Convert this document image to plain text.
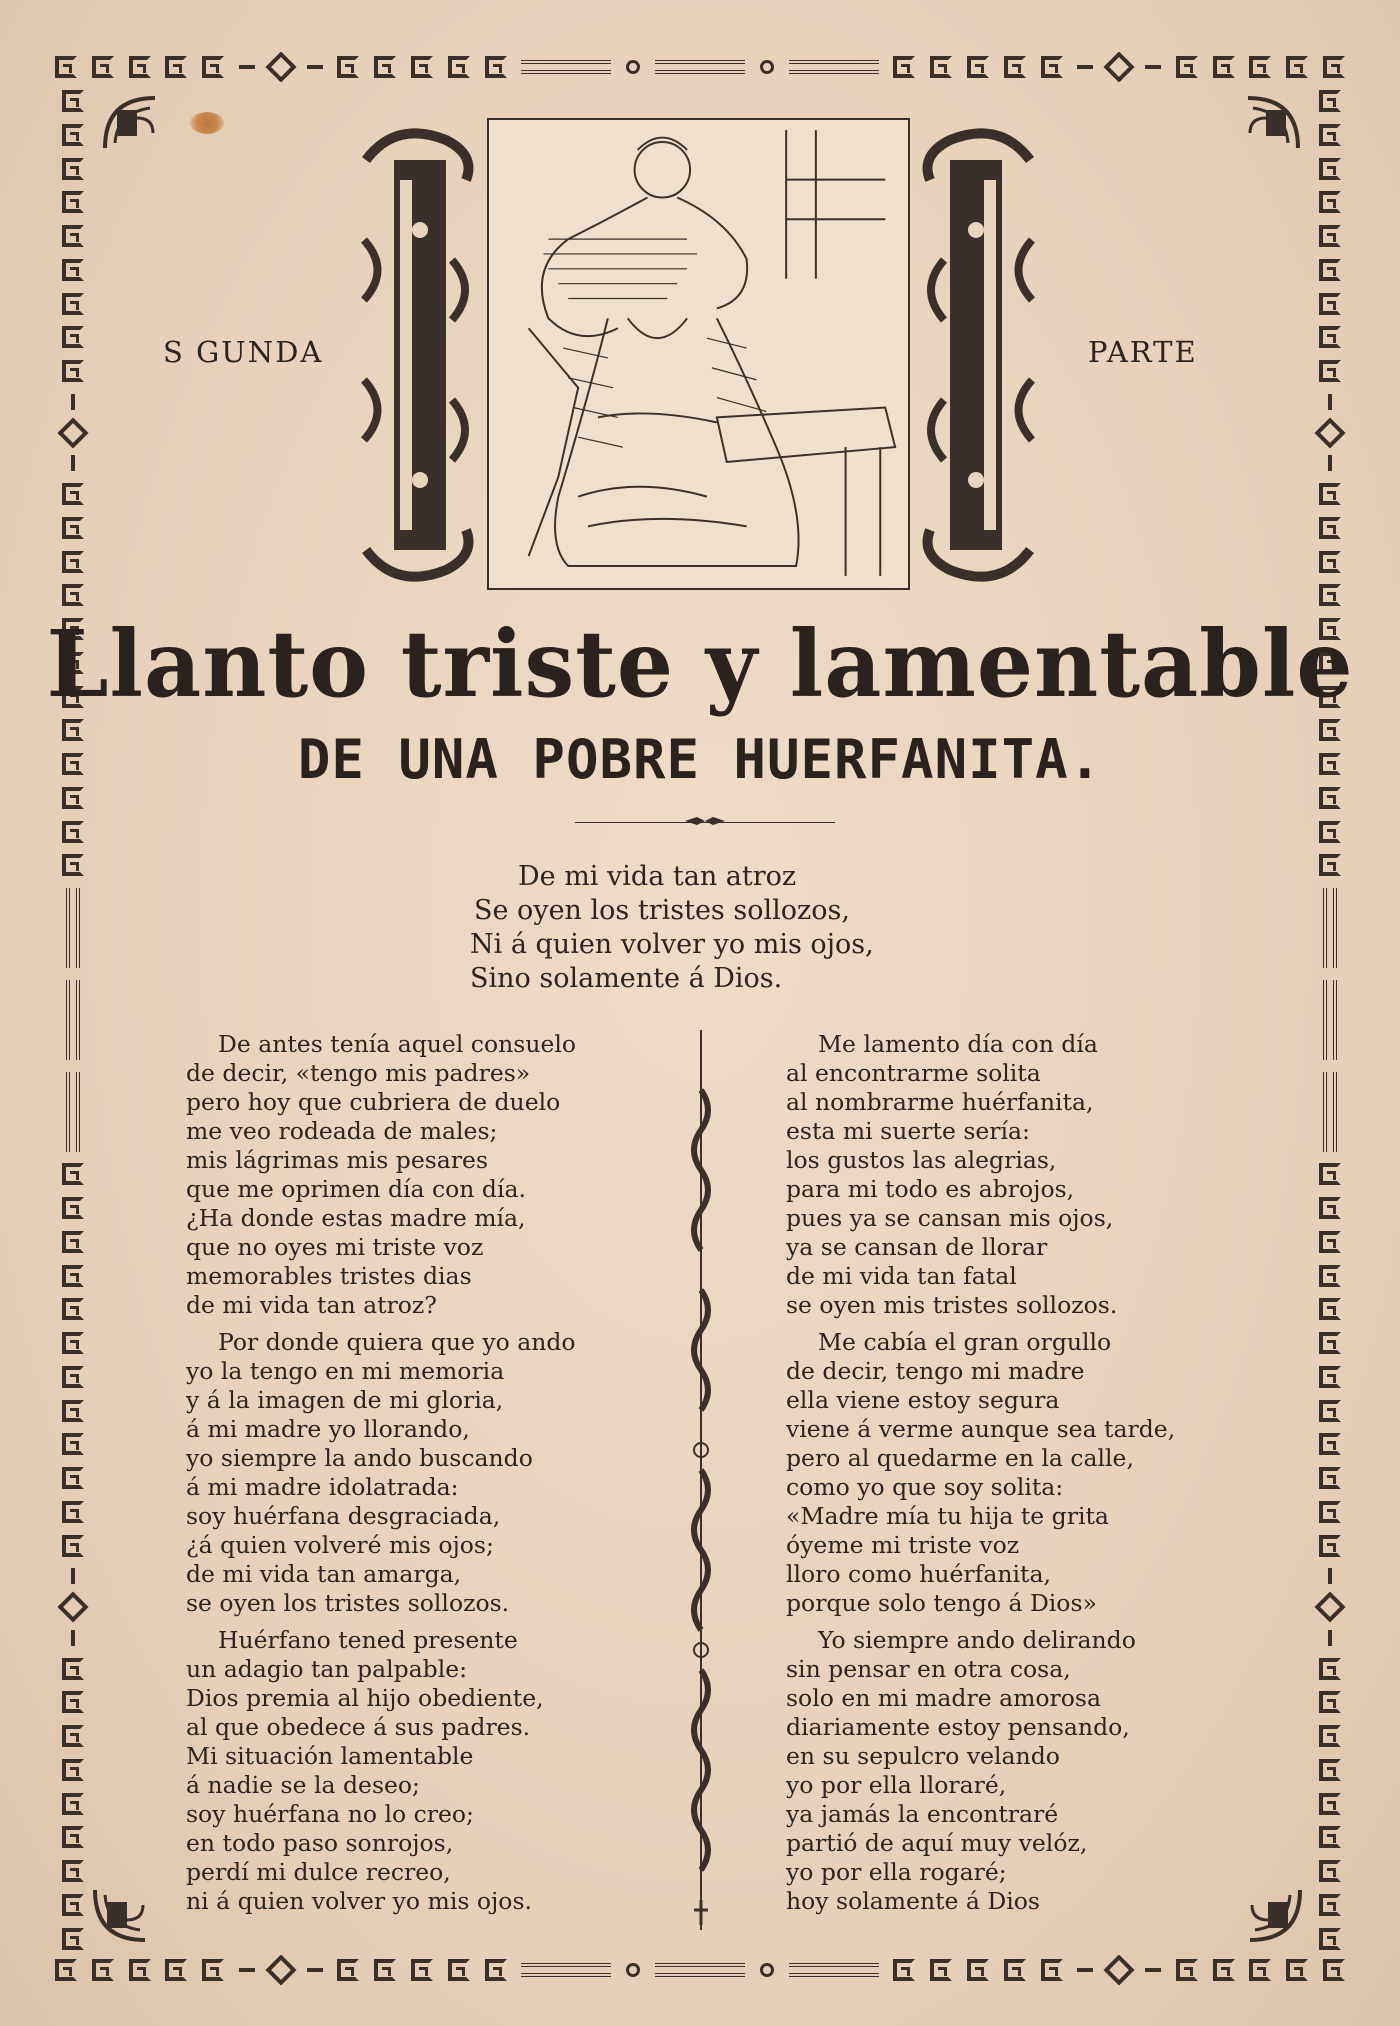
S GUNDA	PARTE
Llanto triste y lamentable
DE UNA POBRE HUERFANITA.
De mi vida tan atroz
Se oyen los tristes sollozos,
Ni á quien volver yo mis ojos,
Sino solamente á Dios.
De antes tenía aquel consuelo
de decir, «tengo mis padres»
pero hoy que cubriera de duelo
me veo rodeada de males;
mis lágrimas mis pesares
que me oprimen día con día.
¿Ha donde estas madre mía,
que no oyes mi triste voz
memorables tristes dias
de mi vida tan atroz?
Por donde quiera que yo ando
yo la tengo en mi memoria
y á la imagen de mi gloria,
á mi madre yo llorando,
yo siempre la ando buscando
á mi madre idolatrada:
soy huérfana desgraciada,
¿á quien volveré mis ojos;
de mi vida tan amarga,
se oyen los tristes sollozos.
Huérfano tened presente
un adagio tan palpable:
Dios premia al hijo obediente,
al que obedece á sus padres.
Mi situación lamentable
á nadie se la deseo;
soy huérfana no lo creo;
en todo paso sonrojos,
perdí mi dulce recreo,
ni á quien volver yo mis ojos.
Me lamento día con día
al encontrarme solita
al nombrarme huérfanita,
esta mi suerte sería:
los gustos las alegrias,
para mi todo es abrojos,
pues ya se cansan mis ojos,
ya se cansan de llorar
de mi vida tan fatal
se oyen mis tristes sollozos.
Me cabía el gran orgullo
de decir, tengo mi madre
ella viene estoy segura
viene á verme aunque sea tarde,
pero al quedarme en la calle,
como yo que soy solita:
«Madre mía tu hija te grita
óyeme mi triste voz
lloro como huérfanita,
porque solo tengo á Dios»
Yo siempre ando delirando
sin pensar en otra cosa,
solo en mi madre amorosa
diariamente estoy pensando,
en su sepulcro velando
yo por ella lloraré,
ya jamás la encontraré
partió de aquí muy velóz,
yo por ella rogaré;
hoy solamente á Dios
